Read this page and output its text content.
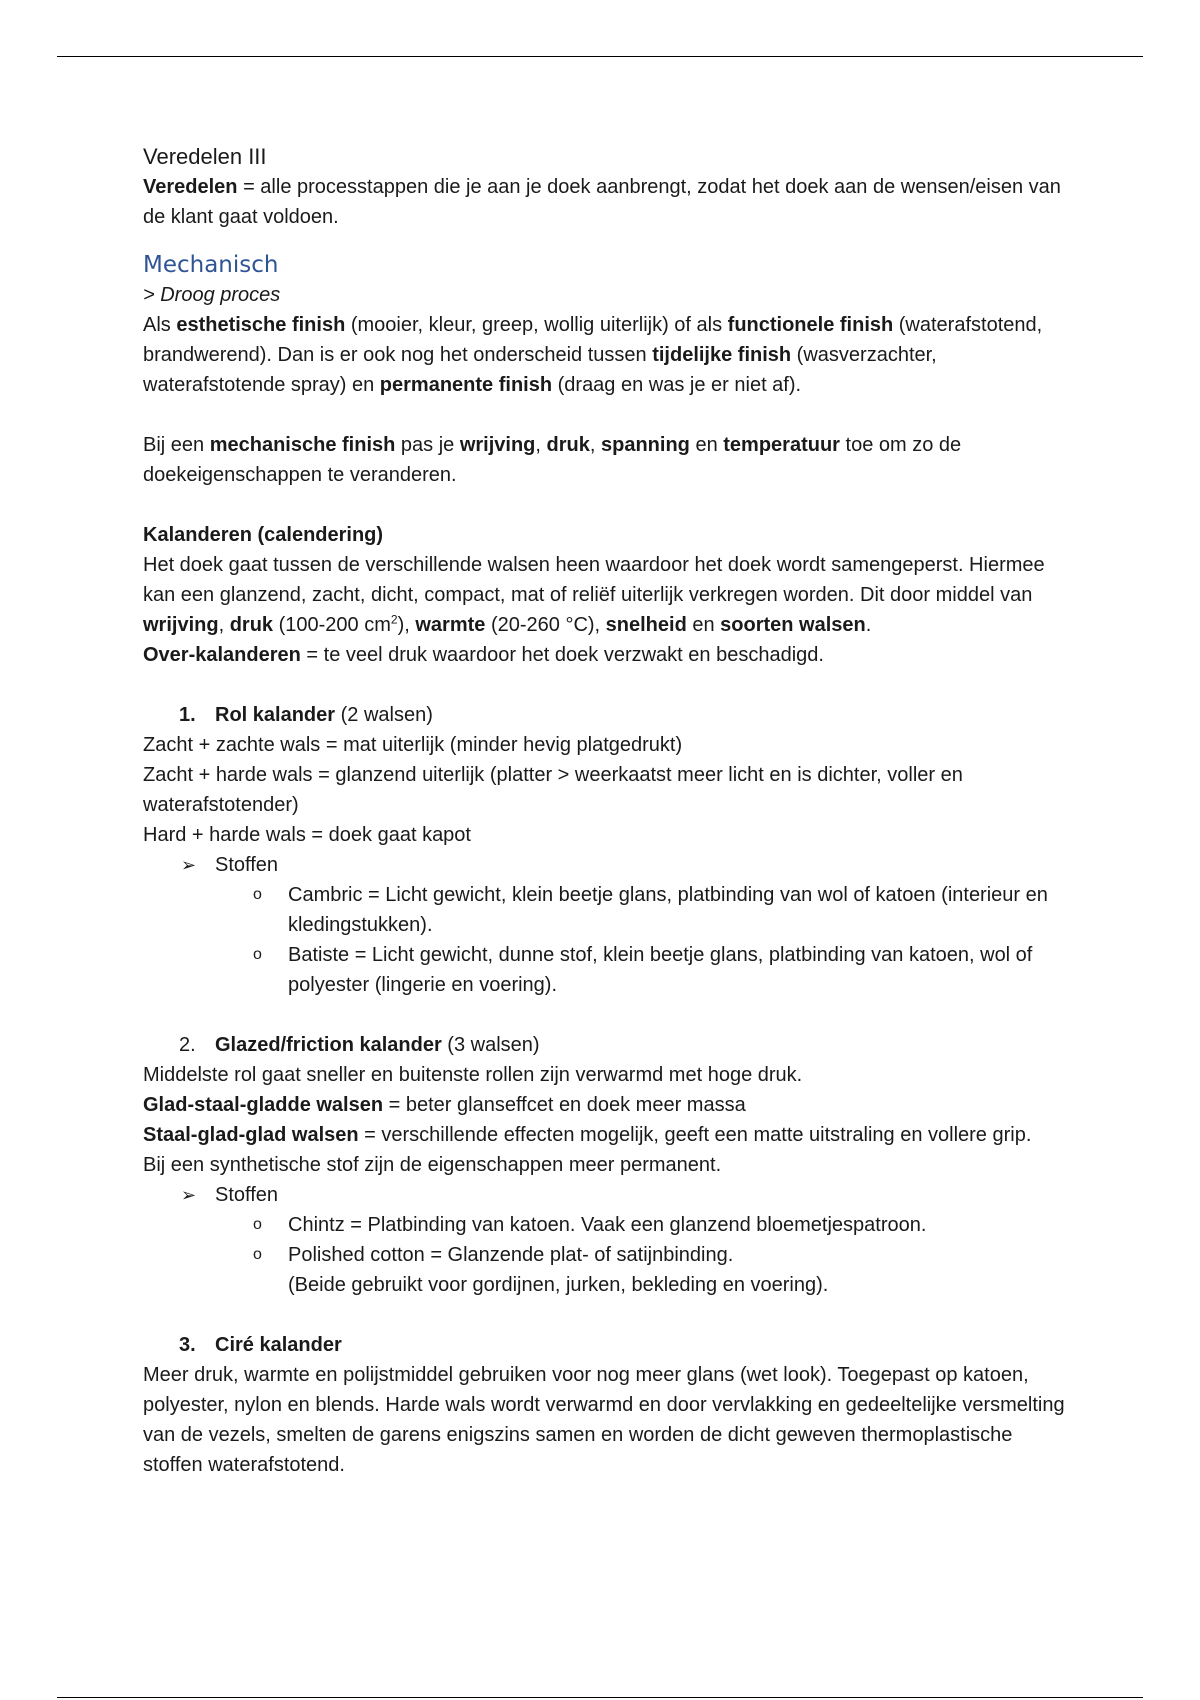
Veredelen III

Veredelen = alle processtappen die je aan je doek aanbrengt, zodat het doek aan de wensen/eisen van de klant gaat voldoen.

Mechanisch

> Droog proces

Als esthetische finish (mooier, kleur, greep, wollig uiterlijk) of als functionele finish (waterafstotend, brandwerend). Dan is er ook nog het onderscheid tussen tijdelijke finish (wasverzachter, waterafstotende spray) en permanente finish (draag en was je er niet af).

Bij een mechanische finish pas je wrijving, druk, spanning en temperatuur toe om zo de doekeigenschappen te veranderen.

Kalanderen (calendering)

Het doek gaat tussen de verschillende walsen heen waardoor het doek wordt samengeperst. Hiermee kan een glanzend, zacht, dicht, compact, mat of reliëf uiterlijk verkregen worden. Dit door middel van wrijving, druk (100-200 $cm^2$), warmte (20-260 °C), snelheid en soorten walsen.

Over-kalanderen = te veel druk waardoor het doek verzwakt en beschadigd.

1. Rol kalander (2 walsen)

Zacht + zachte wals = mat uiterlijk (minder hevig platgedrukt)

Zacht + harde wals = glanzend uiterlijk (platter > weerkaatst meer licht en is dichter, voller en waterafstotender)

Hard + harde wals = doek gaat kapot

➢ Stoffen

o Cambric = Licht gewicht, klein beetje glans, platbinding van wol of katoen (interieur en kledingstukken).

o Batiste = Licht gewicht, dunne stof, klein beetje glans, platbinding van katoen, wol of polyester (lingerie en voering).

2. Glazed/friction kalander (3 walsen)

Middelste rol gaat sneller en buitenste rollen zijn verwarmd met hoge druk.

Glad-staal-gladde walsen = beter glanseffcet en doek meer massa

Staal-glad-glad walsen = verschillende effecten mogelijk, geeft een matte uitstraling en vollere grip.

Bij een synthetische stof zijn de eigenschappen meer permanent.

➢ Stoffen

o Chintz = Platbinding van katoen. Vaak een glanzend bloemetjespatroon.

o Polished cotton = Glanzende plat- of satijnbinding.

(Beide gebruikt voor gordijnen, jurken, bekleding en voering).

3. Ciré kalander

Meer druk, warmte en polijstmiddel gebruiken voor nog meer glans (wet look). Toegepast op katoen, polyester, nylon en blends. Harde wals wordt verwarmd en door vervlakking en gedeeltelijke versmelting van de vezels, smelten de garens enigszins samen en worden de dicht geweven thermoplastische stoffen waterafstotend.
